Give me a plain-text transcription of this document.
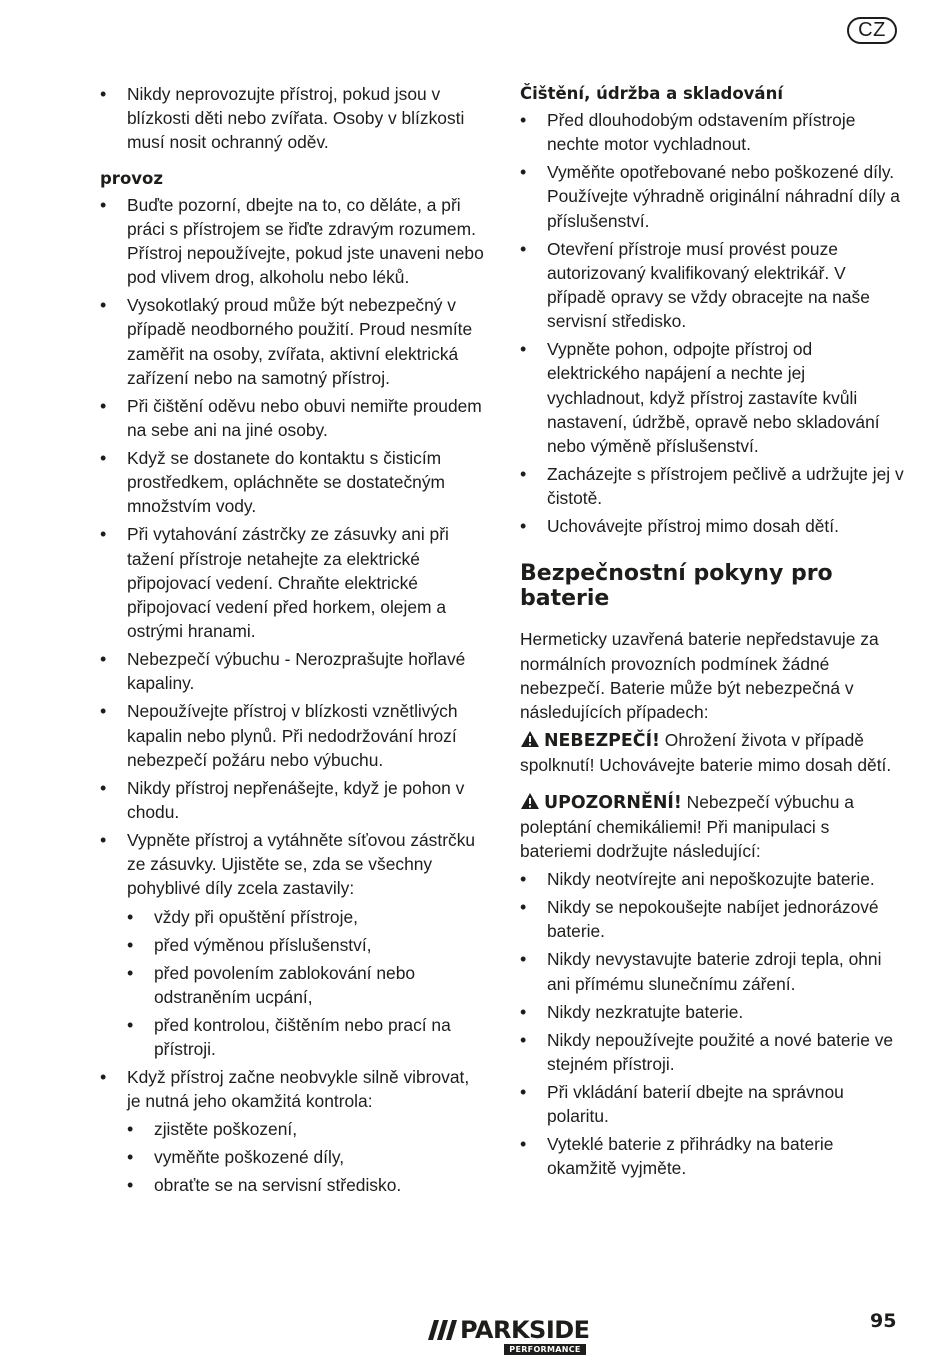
CZ
• Nikdy neprovozujte přístroj, pokud jsou v blízkosti děti nebo zvířata. Osoby v blízkosti musí nosit ochranný oděv.
provoz
• Buďte pozorní, dbejte na to, co děláte, a při práci s přístrojem se řiďte zdravým rozumem. Přístroj nepoužívejte, pokud jste unaveni nebo pod vlivem drog, alkoholu nebo léků.
• Vysokotlaký proud může být nebezpečný v případě neodborného použití. Proud nesmíte zaměřit na osoby, zvířata, aktivní elektrická zařízení nebo na samotný přístroj.
• Při čištění oděvu nebo obuvi nemiřte proudem na sebe ani na jiné osoby.
• Když se dostanete do kontaktu s čisticím prostředkem, opláchněte se dostatečným množstvím vody.
• Při vytahování zástrčky ze zásuvky ani při tažení přístroje netahejte za elektrické připojovací vedení. Chraňte elektrické připojovací vedení před horkem, olejem a ostrými hranami.
• Nebezpečí výbuchu - Nerozprašujte hořlavé kapaliny.
• Nepoužívejte přístroj v blízkosti vznětlivých kapalin nebo plynů. Při nedodržování hrozí nebezpečí požáru nebo výbuchu.
• Nikdy přístroj nepřenášejte, když je pohon v chodu.
• Vypněte přístroj a vytáhněte síťovou zástrčku ze zásuvky. Ujistěte se, zda se všechny pohyblivé díly zcela zastavily:
• vždy při opuštění přístroje,
• před výměnou příslušenství,
• před povolením zablokování nebo odstraněním ucpání,
• před kontrolou, čištěním nebo prací na přístroji.
• Když přístroj začne neobvykle silně vibrovat, je nutná jeho okamžitá kontrola:
• zjistěte poškození,
• vyměňte poškozené díly,
• obraťte se na servisní středisko.
Čištění, údržba a skladování
• Před dlouhodobým odstavením přístroje nechte motor vychladnout.
• Vyměňte opotřebované nebo poškozené díly. Používejte výhradně originální náhradní díly a příslušenství.
• Otevření přístroje musí provést pouze autorizovaný kvalifikovaný elektrikář. V případě opravy se vždy obracejte na naše servisní středisko.
• Vypněte pohon, odpojte přístroj od elektrického napájení a nechte jej vychladnout, když přístroj zastavíte kvůli nastavení, údržbě, opravě nebo skladování nebo výměně příslušenství.
• Zacházejte s přístrojem pečlivě a udržujte jej v čistotě.
• Uchovávejte přístroj mimo dosah dětí.
Bezpečnostní pokyny pro baterie

Hermeticky uzavřená baterie nepředstavuje za normálních provozních podmínek žádné nebezpečí. Baterie může být nebezpečná v následujících případech:

NEBEZPEČÍ! Ohrožení života v případě spolknutí! Uchovávejte baterie mimo dosah dětí.

UPOZORNĚNÍ! Nebezpečí výbuchu a poleptání chemikáliemi! Při manipulaci s bateriemi dodržujte následující:

• Nikdy neotvírejte ani nepoškozujte baterie.
• Nikdy se nepokoušejte nabíjet jednorázové baterie.
• Nikdy nevystavujte baterie zdroji tepla, ohni ani přímému slunečnímu záření.
• Nikdy nezkratujte baterie.
• Nikdy nepoužívejte použité a nové baterie ve stejném přístroji.
• Při vkládání baterií dbejte na správnou polaritu.
• Vyteklé baterie z přihrádky na baterie okamžitě vyjměte.
PARKSIDE
PERFORMANCE
95
